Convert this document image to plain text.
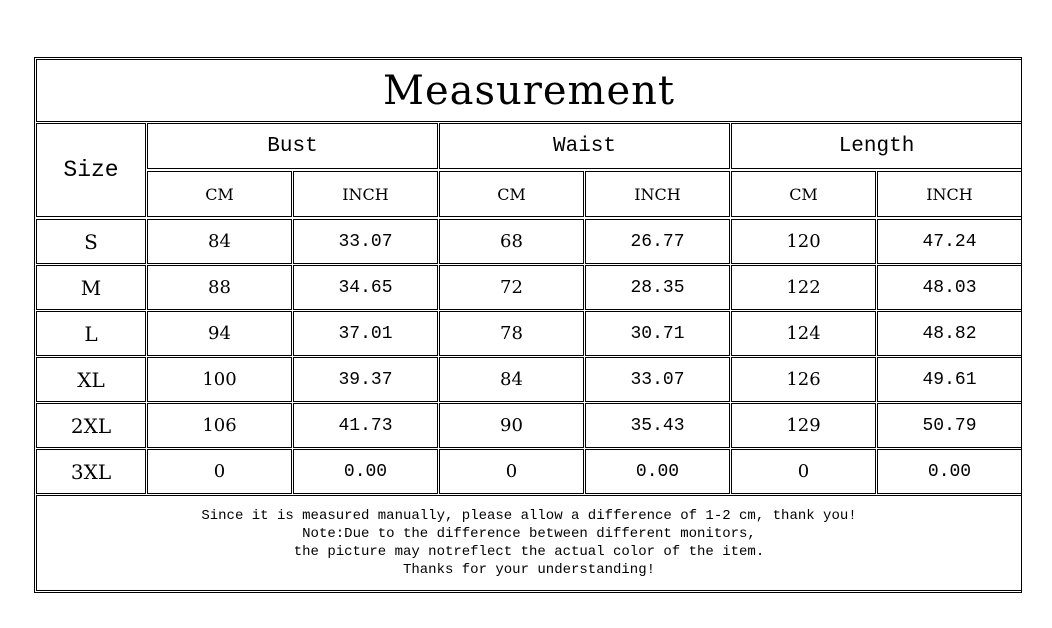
Measurement
Size
Bust	Waist	Length
CM	INCH	CM	INCH	CM	INCH
S	84	33.07	68	26.77	120	47.24
M	88	34.65	72	28.35	122	48.03
L	94	37.01	78	30.71	124	48.82
XL	100	39.37	84	33.07	126	49.61
2XL	106	41.73	90	35.43	129	50.79
3XL	0	0.00	0	0.00	0	0.00
Since it is measured manually, please allow a difference of 1-2 cm, thank you!
Note:Due to the difference between different monitors,
the picture may notreflect the actual color of the item.
Thanks for your understanding!
